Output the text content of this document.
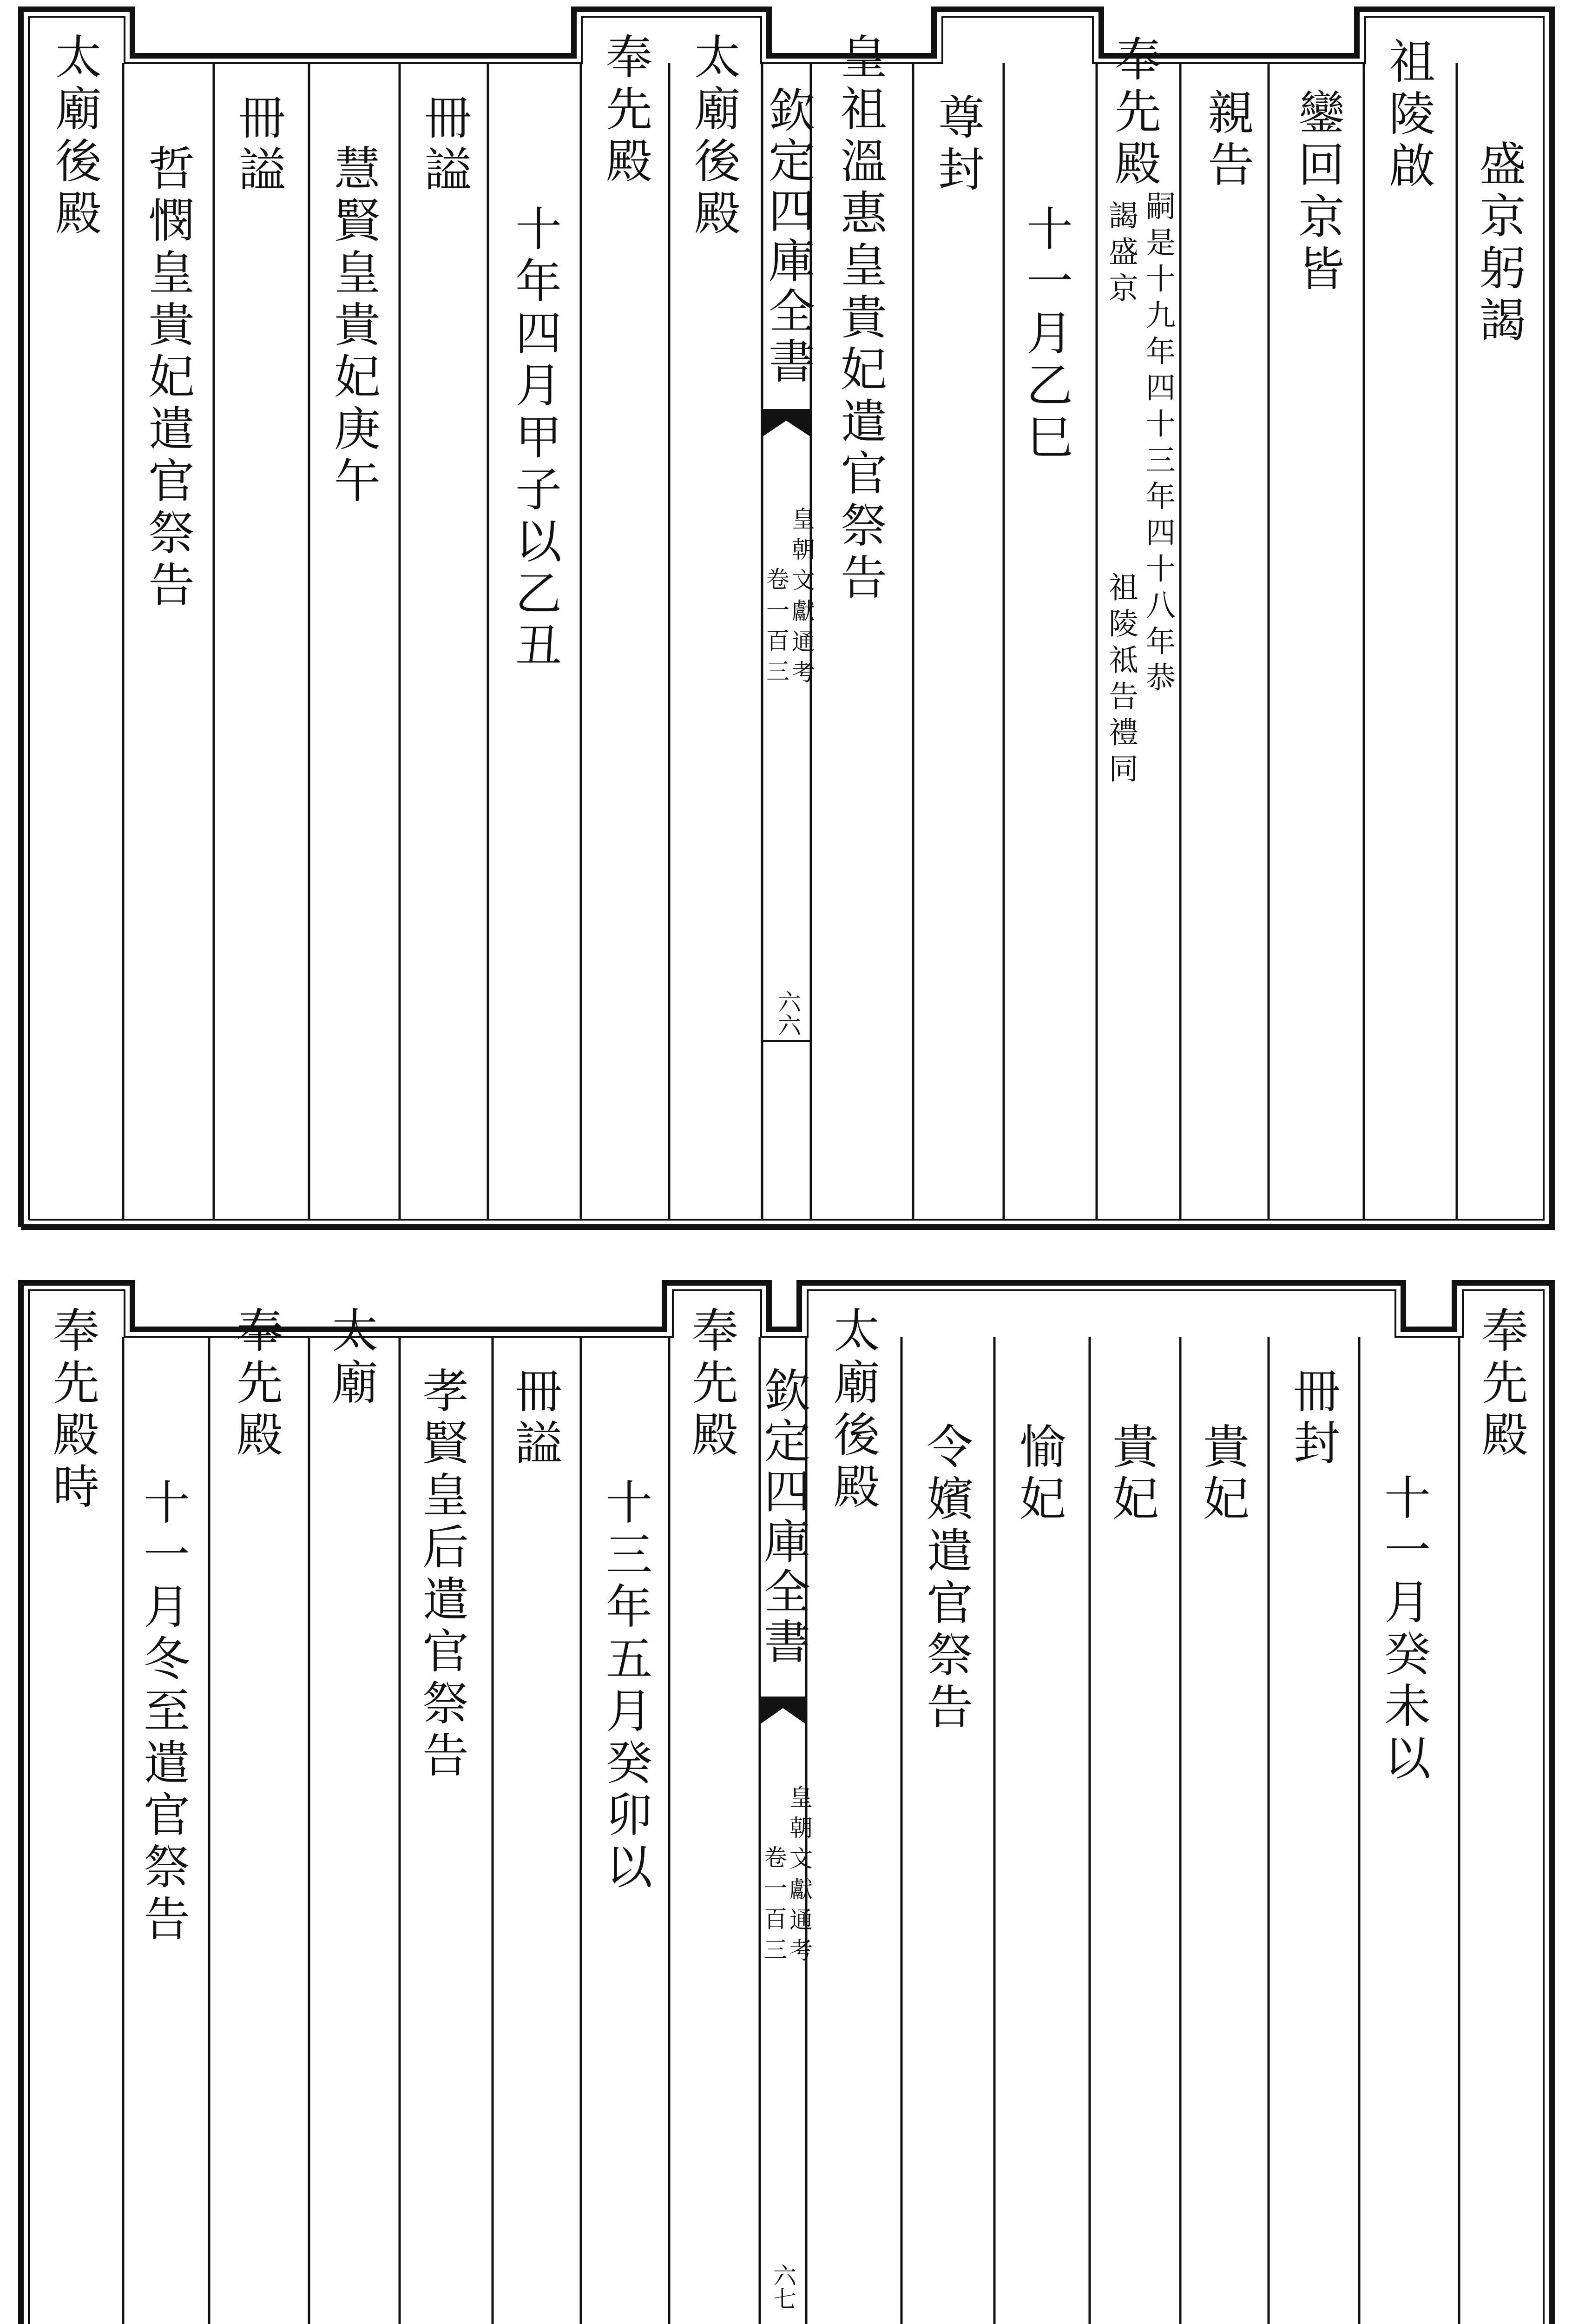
盛京躬謁
祖陵啟
鑾回京皆
親告
嗣是十九年四十三年四十八年恭
謁盛京
祖陵祗告禮同
奉先殿
十一月乙巳
尊封
皇祖溫惠皇貴妃遣官祭告
欽定四庫全書
皇朝文獻通考
卷一百三
六六
太廟後殿
奉先殿
十年四月甲子以乙丑
冊謚
慧賢皇貴妃庚午
冊謚
哲憫皇貴妃遣官祭告
太廟後殿
奉先殿
十一月癸未以
冊封
貴妃
貴妃
愉妃
令嬪遣官祭告
太廟後殿
欽定四庫全書
皇朝文獻通考
卷一百三
六七
奉先殿
十三年五月癸卯以
冊謚
孝賢皇后遣官祭告
太廟
奉先殿
十一月冬至遣官祭告
奉先殿時
